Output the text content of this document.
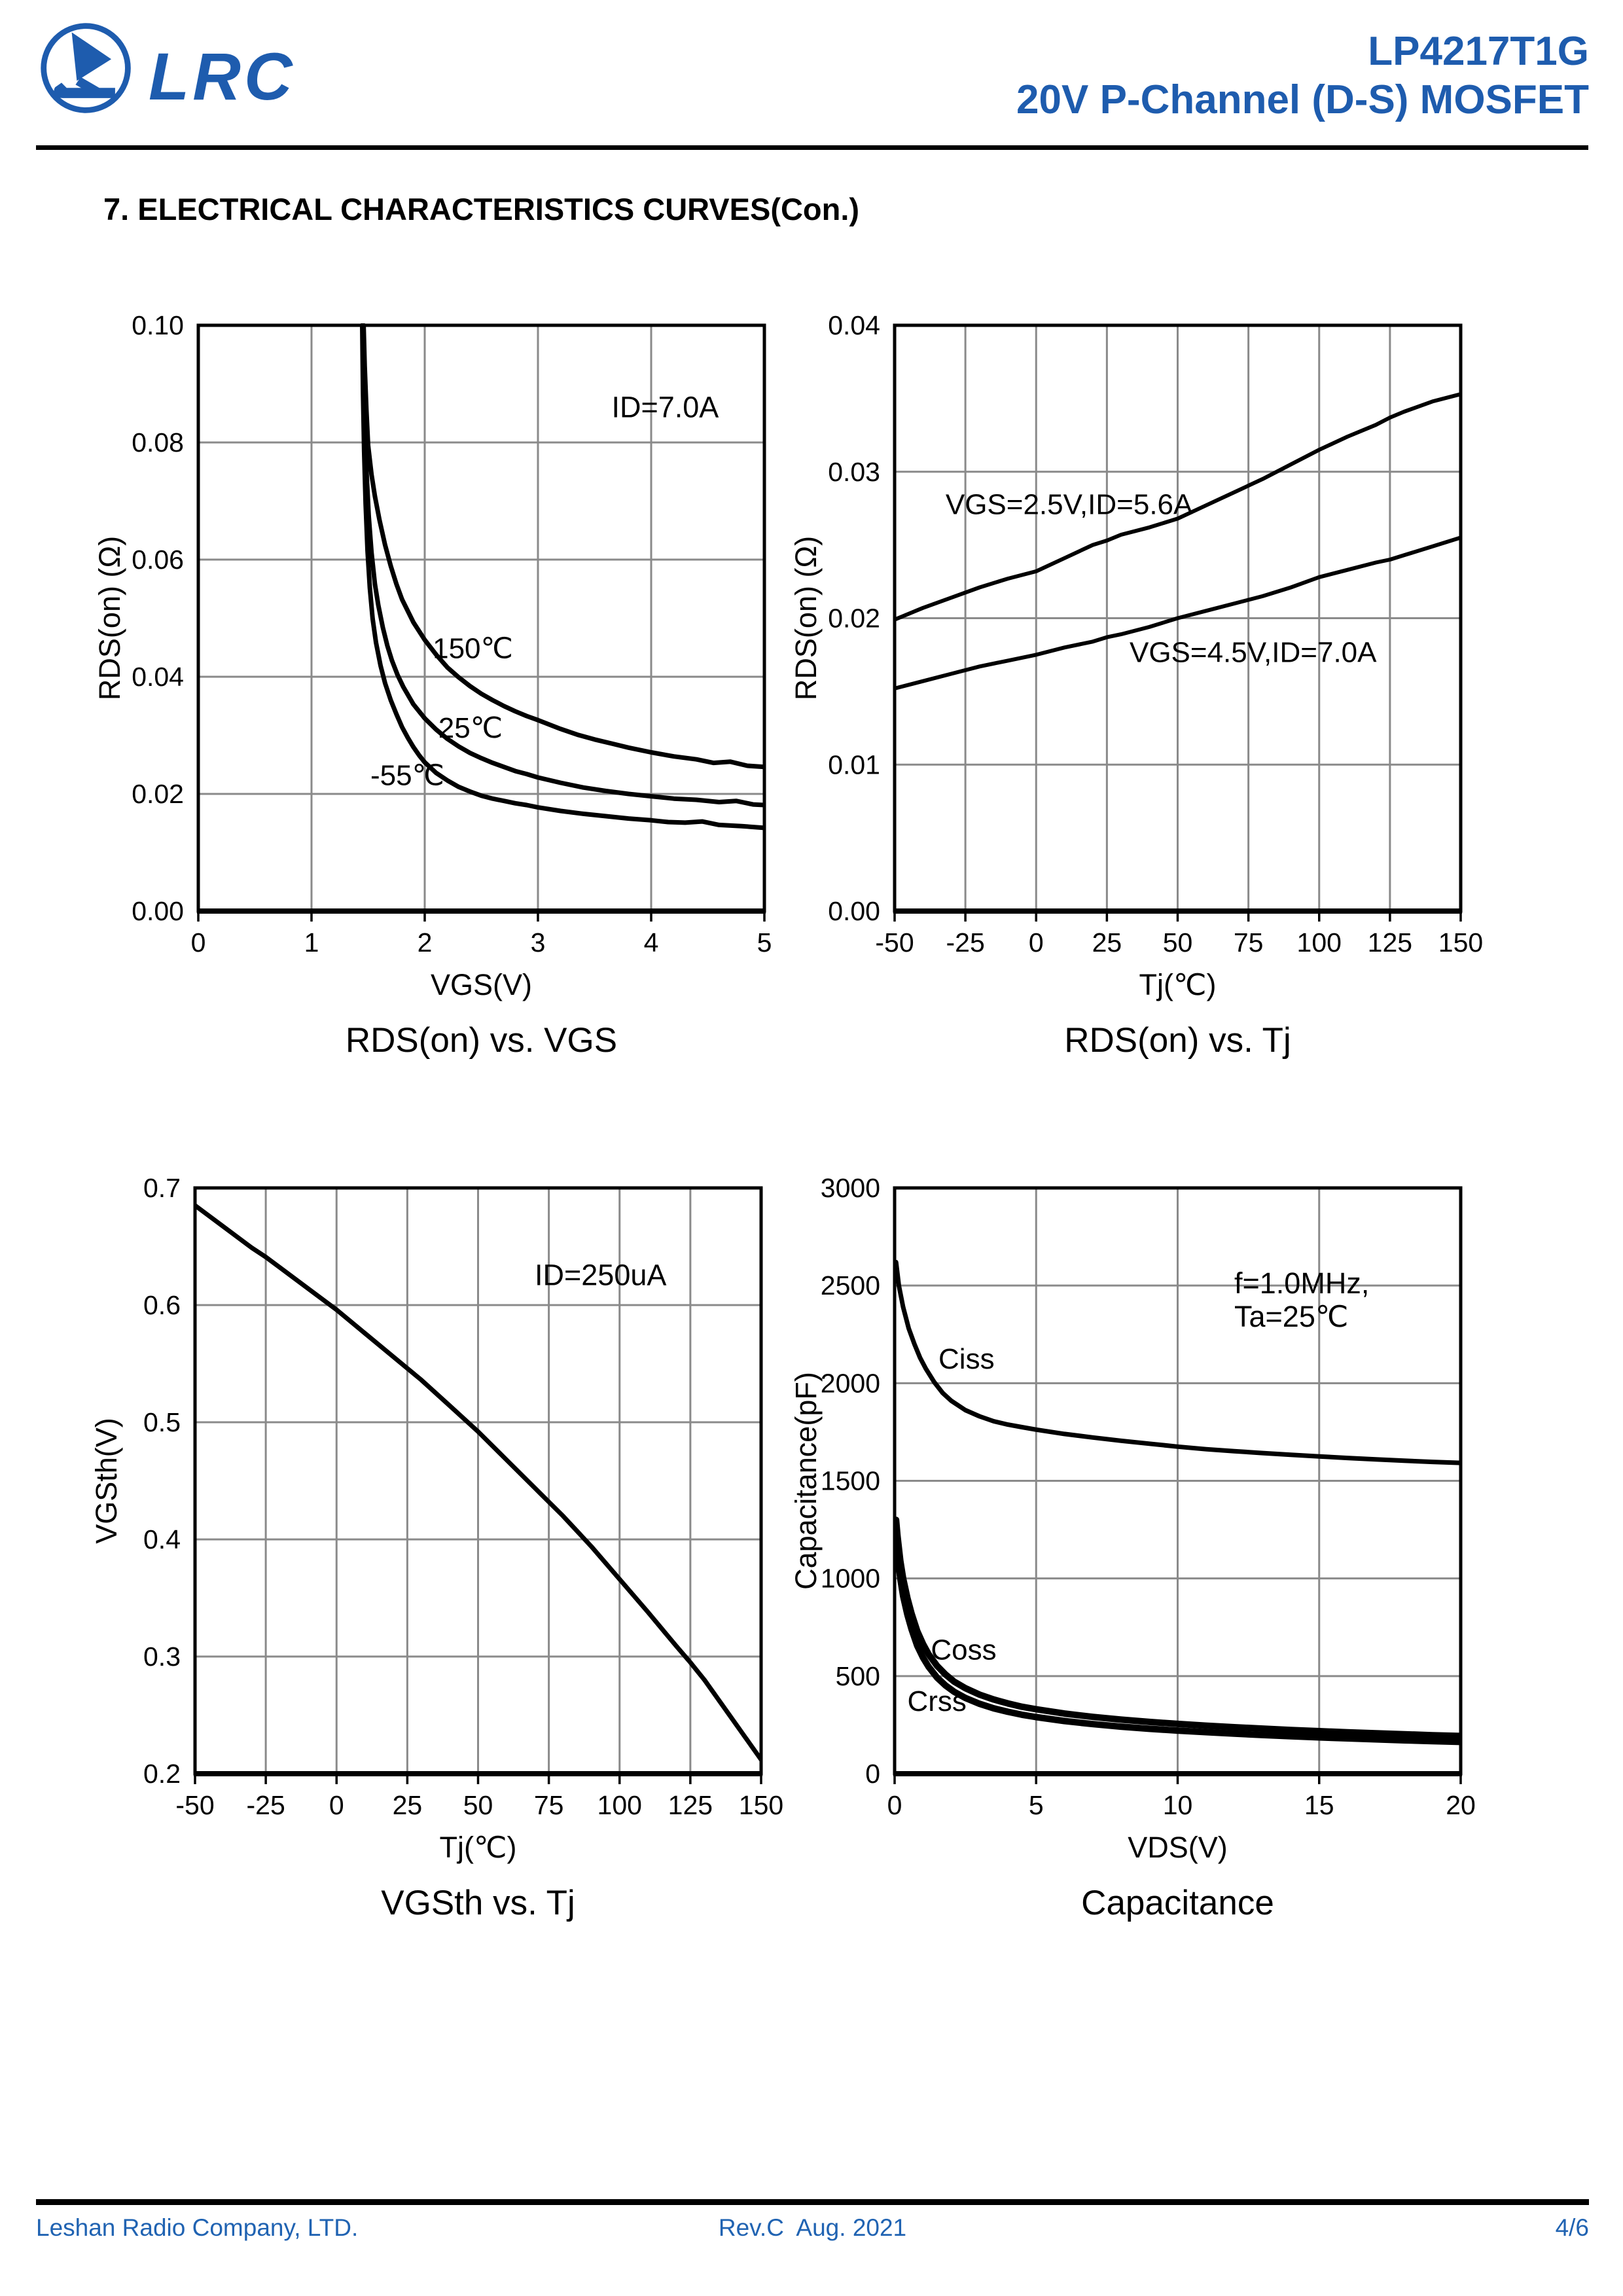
LRC	LP4217T1G
20V P-Channel (D-S) MOSFET
7. ELECTRICAL CHARACTERISTICS CURVES(Con.)
150℃
25℃
-55℃
0	1	2	3	4	5
0.00
0.02
0.04
0.06
0.08
0.10
VGS(V)
RDS(on) (Ω)
RDS(on) vs. VGS
ID=7.0A
VGS=2.5V,ID=5.6A
VGS=4.5V,ID=7.0A
-50 -25 0 25 50 75 100 125 150
0.00
0.01
0.02
0.03
0.04
Tj(℃)
RDS(on) (Ω)
RDS(on) vs. Tj
-50 -25 0 25 50 75 100 125 150
0.2
0.3
0.4
0.5
0.6
0.7
Tj(℃)
VGSth(V)
VGSth vs. Tj
ID=250uA
Ciss
Coss
Crss
0	5	10	15	20
0
500
1000
1500
2000
2500
3000
VDS(V)
Capacitance(pF)
Capacitance
f=1.0MHz,
Ta=25℃
Leshan Radio Company, LTD.	Rev.C  Aug. 2021	4/6
